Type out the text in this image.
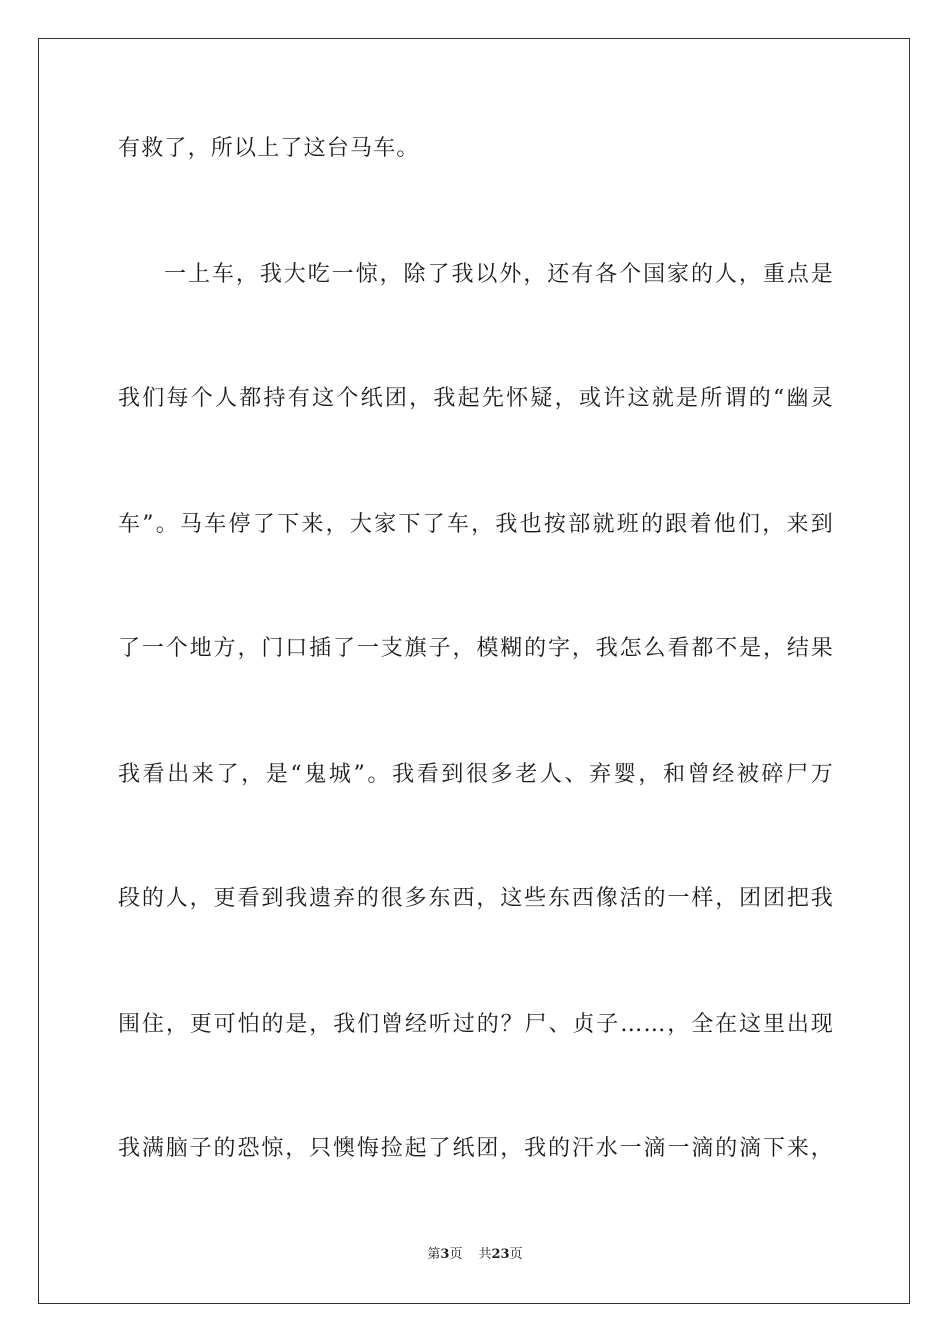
有救了，所以上了这台马车。
一上车，我大吃一惊，除了我以外，还有各个国家的人，重点是
我们每个人都持有这个纸团，我起先怀疑，或许这就是所谓的“幽灵
车”。马车停了下来，大家下了车，我也按部就班的跟着他们，来到
了一个地方，门口插了一支旗子，模糊的字，我怎么看都不是，结果
我看出来了，是“鬼城”。我看到很多老人、弃婴，和曾经被碎尸万
段的人，更看到我遗弃的很多东西，这些东西像活的一样，团团把我
围住，更可怕的是，我们曾经听过的？尸、贞子……，全在这里出现
我满脑子的恐惊，只懊悔捡起了纸团，我的汗水一滴一滴的滴下来，
第3页 共23页
